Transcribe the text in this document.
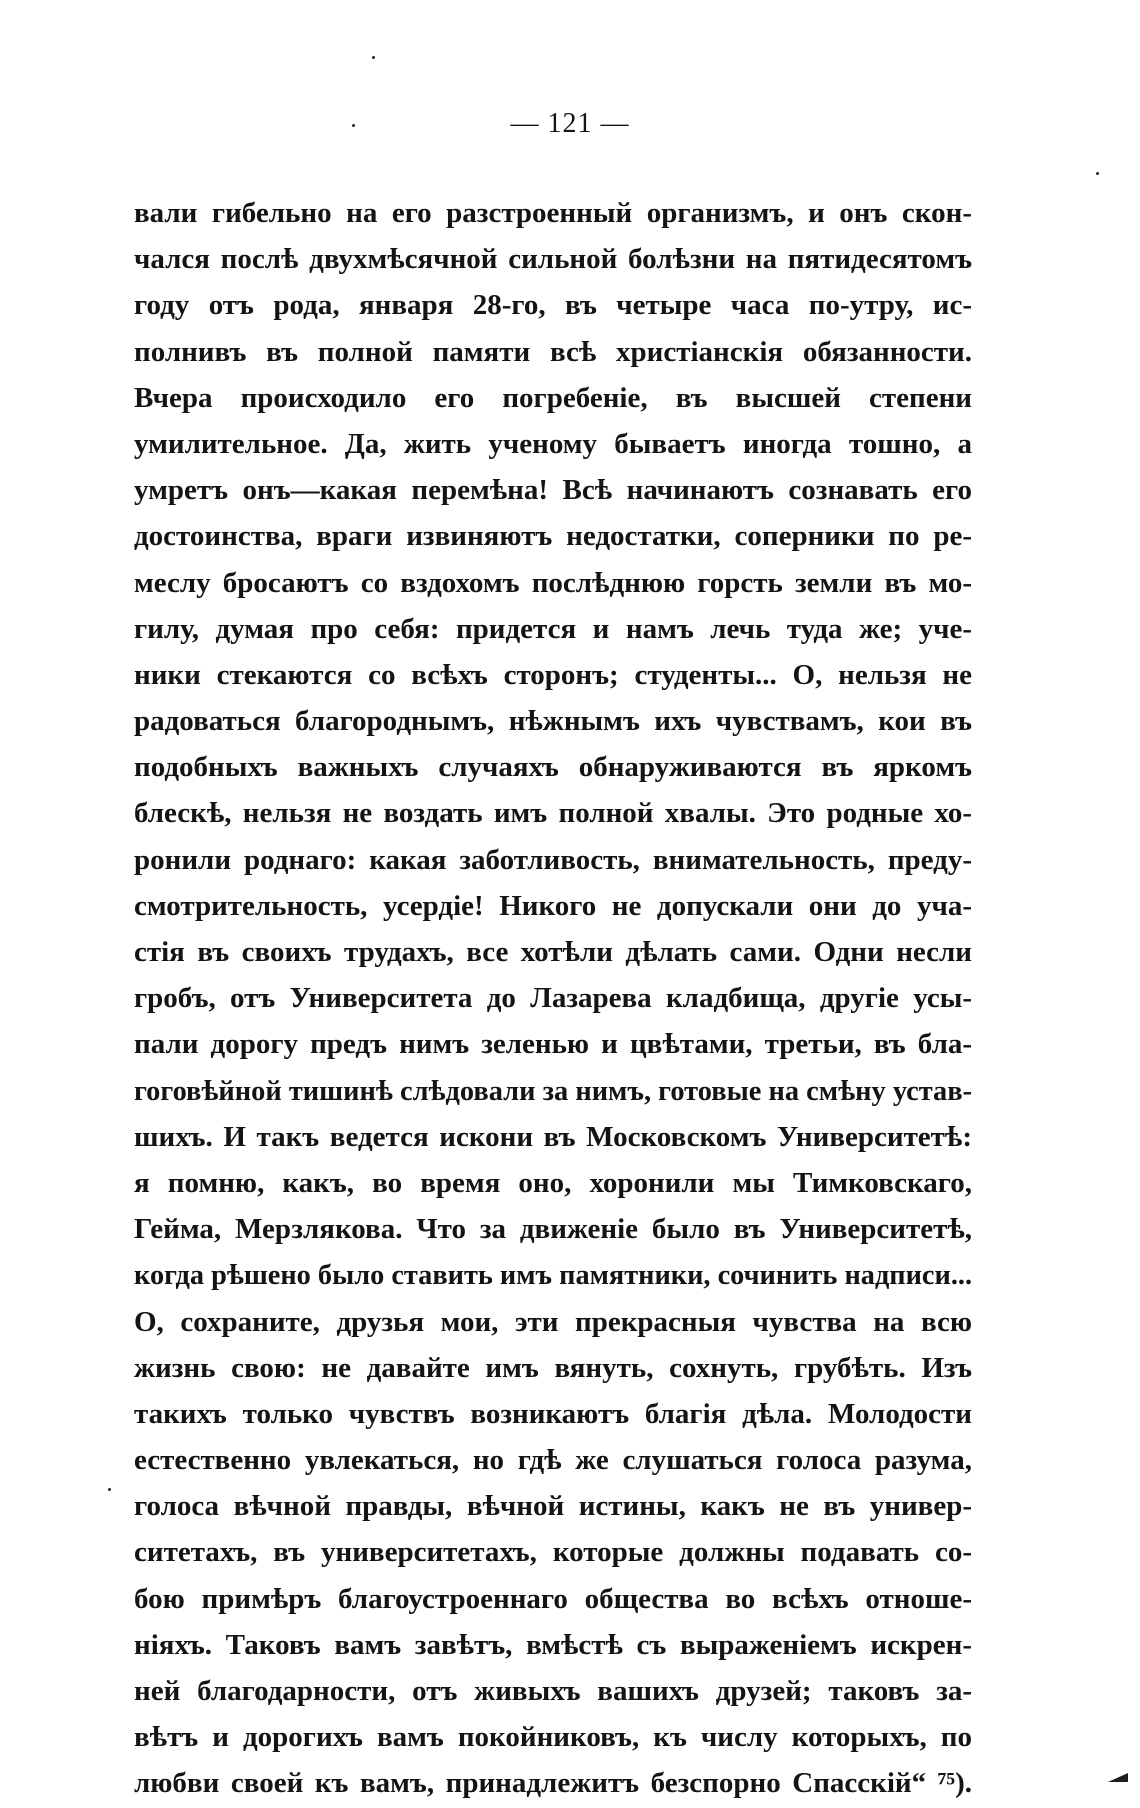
— 121 —
вали гибельно на его разстроенный организмъ, и онъ скон-
чался послѣ двухмѣсячной сильной болѣзни на пятидесятомъ
году отъ рода, января 28-го, въ четыре часа по-утру, ис-
полнивъ въ полной памяти всѣ христіанскія обязанности.
Вчера происходило его погребеніе, въ высшей степени
умилительное. Да, жить ученому бываетъ иногда тошно, а
умретъ онъ—какая перемѣна! Всѣ начинаютъ сознавать его
достоинства, враги извиняютъ недостатки, соперники по ре-
меслу бросаютъ со вздохомъ послѣднюю горсть земли въ мо-
гилу, думая про себя: придется и намъ лечь туда же; уче-
ники стекаются со всѣхъ сторонъ; студенты... О, нельзя не
радоваться благороднымъ, нѣжнымъ ихъ чувствамъ, кои въ
подобныхъ важныхъ случаяхъ обнаруживаются въ яркомъ
блескѣ, нельзя не воздать имъ полной хвалы. Это родные хо-
ронили роднаго: какая заботливость, внимательность, преду-
смотрительность, усердіе! Никого не допускали они до уча-
стія въ своихъ трудахъ, все хотѣли дѣлать сами. Одни несли
гробъ, отъ Университета до Лазарева кладбища, другіе усы-
пали дорогу предъ нимъ зеленью и цвѣтами, третьи, въ бла-
гоговѣйной тишинѣ слѣдовали за нимъ, готовые на смѣну устав-
шихъ. И такъ ведется искони въ Московскомъ Университетѣ:
я помню, какъ, во время оно, хоронили мы Тимковскаго,
Гейма, Мерзлякова. Что за движеніе было въ Университетѣ,
когда рѣшено было ставить имъ памятники, сочинить надписи...
О, сохраните, друзья мои, эти прекрасныя чувства на всю
жизнь свою: не давайте имъ вянуть, сохнуть, грубѣть. Изъ
такихъ только чувствъ возникаютъ благія дѣла. Молодости
естественно увлекаться, но гдѣ же слушаться голоса разума,
голоса вѣчной правды, вѣчной истины, какъ не въ универ-
ситетахъ, въ университетахъ, которые должны подавать со-
бою примѣръ благоустроеннаго общества во всѣхъ отноше-
ніяхъ. Таковъ вамъ завѣтъ, вмѣстѣ съ выраженіемъ искрен-
ней благодарности, отъ живыхъ вашихъ друзей; таковъ за-
вѣтъ и дорогихъ вамъ покойниковъ, къ числу которыхъ, по
любви своей къ вамъ, принадлежитъ безспорно Спасскій“ ⁷⁵).
